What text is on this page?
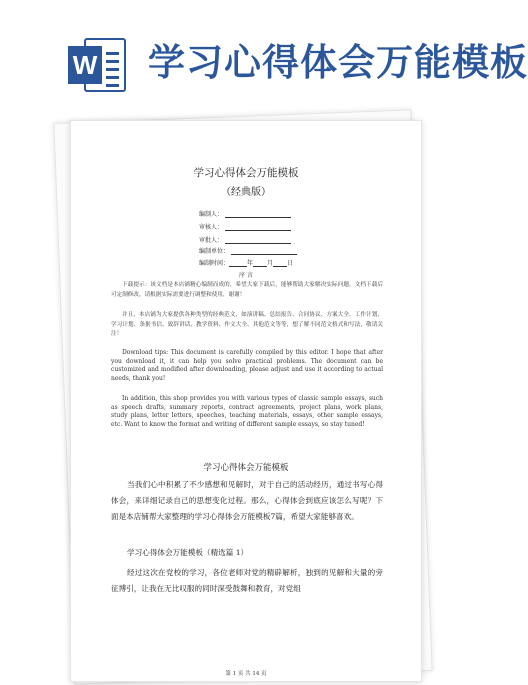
W 学习心得体会万能模板
学习心得体会万能模板
（经典版）
编制人：
审核人：
审批人：
编制单位：
编制时间：	年 月 日
序 言
下载提示：该文档是本店铺精心编制而成的，希望大家下载后，能够帮助大家解决实际问题。文档下载后可定制修改，请根据实际需要进行调整和使用，谢谢！
并且，本店铺为大家提供各种类型的经典范文，如演讲稿、总结报告、合同协议、方案大全、工作计划、学习计划、条据书信、致辞讲话、教学资料、作文大全、其他范文等等，想了解不同范文格式和写法，敬请关注！
Download tips: This document is carefully compiled by this editor. I hope that after you download it, it can help you solve practical problems. The document can be customized and modified after downloading, please adjust and use it according to actual needs, thank you!
In addition, this shop provides you with various types of classic sample essays, such as speech drafts, summary reports, contract agreements, project plans, work plans, study plans, letter letters, speeches, teaching materials, essays, other sample essays, etc. Want to know the format and writing of different sample essays, so stay tuned!
学习心得体会万能模板
当我们心中积累了不少感想和见解时，对于自己的活动经历，通过书写心得体会，来详细记录自己的思想变化过程。那么，心得体会到底应该怎么写呢？下面是本店铺帮大家整理的学习心得体会万能模板7篇，希望大家能够喜欢。
学习心得体会万能模板（精选篇 1）
经过这次在党校的学习，各位老师对党的精辟解析，独到的见解和大量的旁征博引，让我在无比叹服的同时深受鼓舞和教育，对党组
第 1 页 共 14 页
